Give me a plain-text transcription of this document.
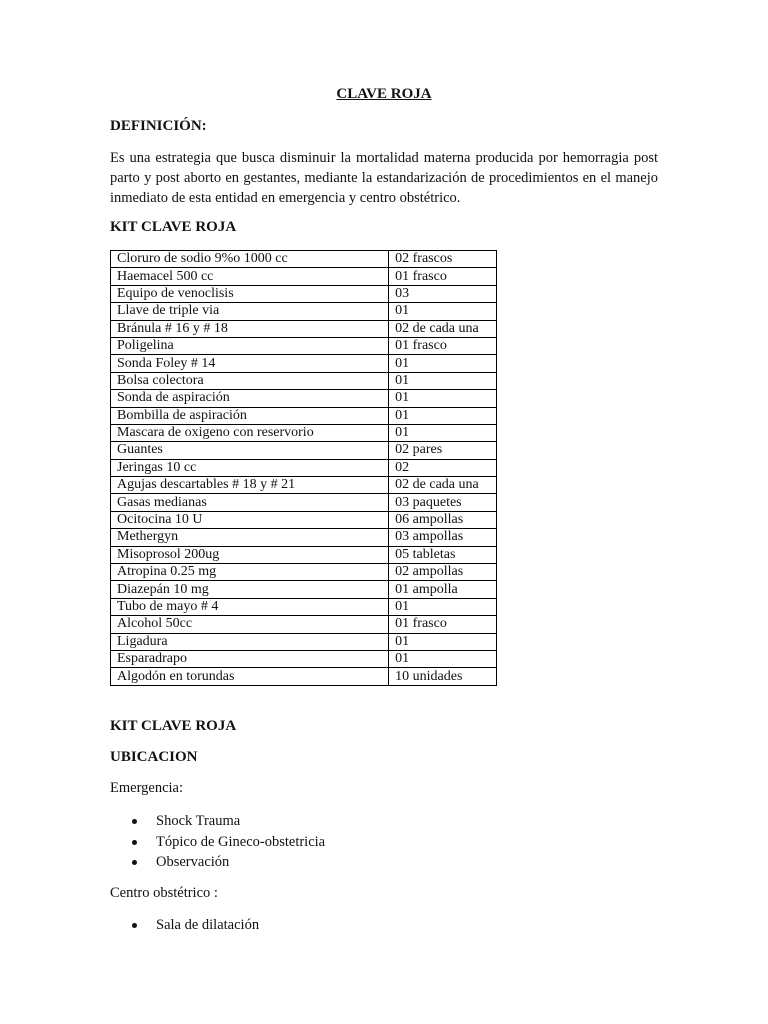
CLAVE ROJA

DEFINICIÓN:

Es una estrategia que busca disminuir la mortalidad materna producida por hemorragia post parto y post aborto en gestantes, mediante la estandarización de procedimientos en el manejo inmediato de esta entidad en emergencia y centro obstétrico.

KIT CLAVE ROJA

Cloruro de sodio 9%o 1000 cc	02 frascos
Haemacel 500 cc	01 frasco
Equipo de venoclisis	03
Llave de triple via	01
Bránula # 16 y # 18	02 de cada una
Poligelina	01 frasco
Sonda Foley # 14	01
Bolsa colectora	01
Sonda de aspiración	01
Bombilla de aspiración	01
Mascara de oxigeno con reservorio	01
Guantes	02 pares
Jeringas 10 cc	02
Agujas descartables # 18 y # 21	02 de cada una
Gasas medianas	03 paquetes
Ocitocina 10 U	06 ampollas
Methergyn	03 ampollas
Misoprosol 200ug	05 tabletas
Atropina 0.25 mg	02 ampollas
Diazepán 10 mg	01 ampolla
Tubo de mayo # 4	01
Alcohol 50cc	01 frasco
Ligadura	01
Esparadrapo	01
Algodón en torundas	10 unidades

KIT CLAVE ROJA

UBICACION

Emergencia:

Shock Trauma
Tópico de Gineco-obstetricia
Observación

Centro obstétrico :

Sala de dilatación
